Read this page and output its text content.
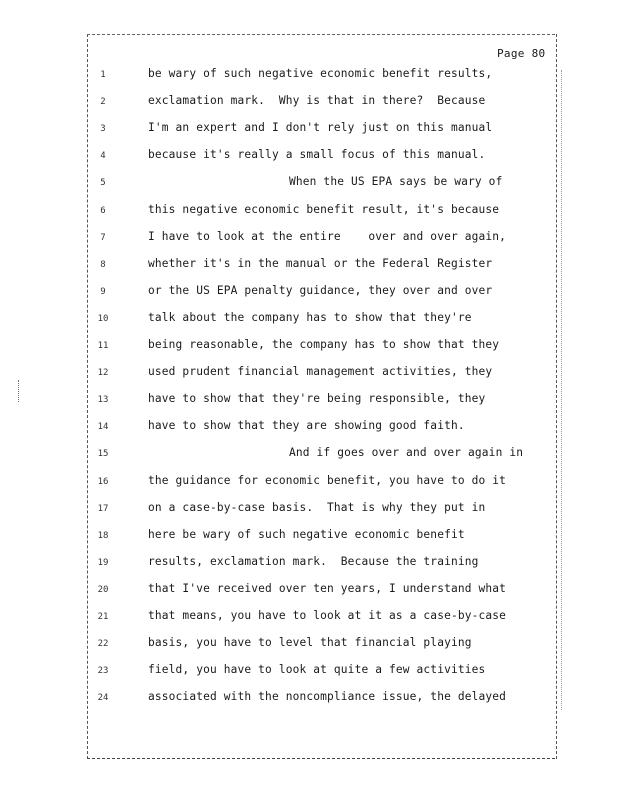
Page 80
1	be wary of such negative economic benefit results,
2	exclamation mark.  Why is that in there?  Because
3	I'm an expert and I don't rely just on this manual
4	because it's really a small focus of this manual.
5	When the US EPA says be wary of
6	this negative economic benefit result, it's because
7	I have to look at the entire    over and over again,
8	whether it's in the manual or the Federal Register
9	or the US EPA penalty guidance, they over and over
10	talk about the company has to show that they're
11	being reasonable, the company has to show that they
12	used prudent financial management activities, they
13	have to show that they're being responsible, they
14	have to show that they are showing good faith.
15	And if goes over and over again in
16	the guidance for economic benefit, you have to do it
17	on a case-by-case basis.  That is why they put in
18	here be wary of such negative economic benefit
19	results, exclamation mark.  Because the training
20	that I've received over ten years, I understand what
21	that means, you have to look at it as a case-by-case
22	basis, you have to level that financial playing
23	field, you have to look at quite a few activities
24	associated with the noncompliance issue, the delayed
